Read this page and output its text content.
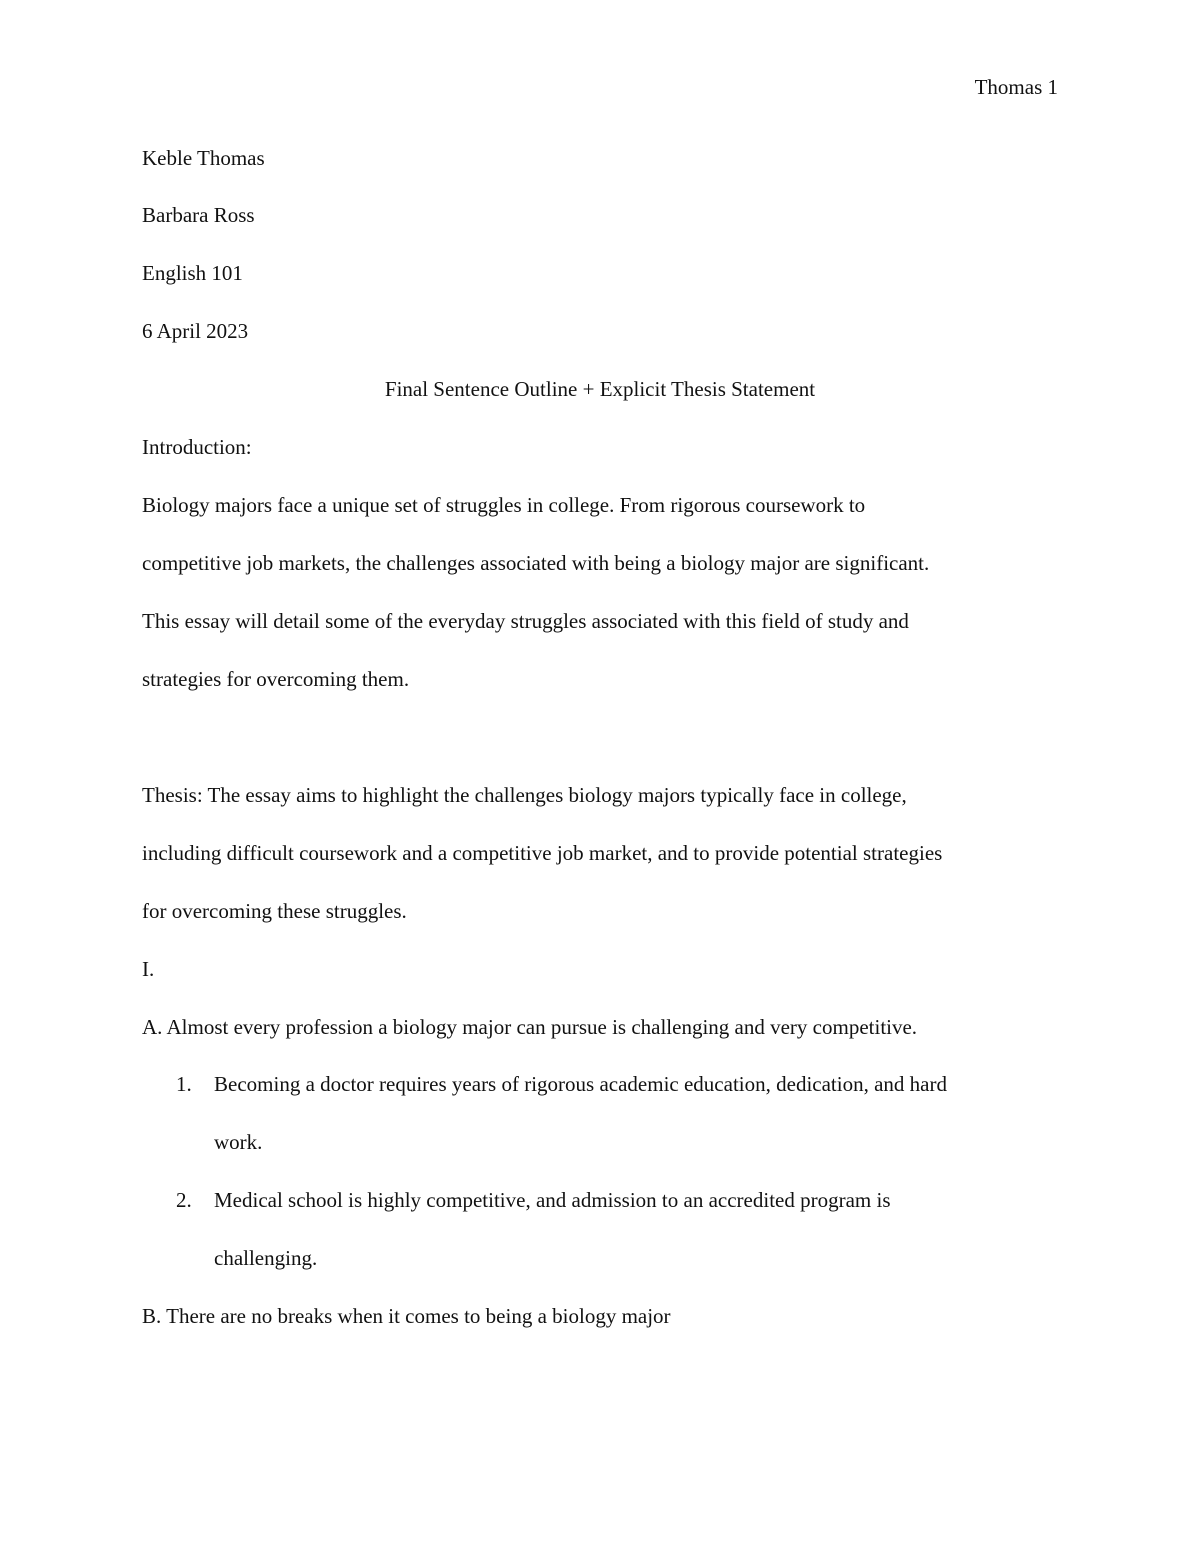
Thomas 1
Keble Thomas
Barbara Ross
English 101
6 April 2023
Final Sentence Outline + Explicit Thesis Statement
Introduction:
Biology majors face a unique set of struggles in college. From rigorous coursework to
competitive job markets, the challenges associated with being a biology major are significant.
This essay will detail some of the everyday struggles associated with this field of study and
strategies for overcoming them.
Thesis: The essay aims to highlight the challenges biology majors typically face in college,
including difficult coursework and a competitive job market, and to provide potential strategies
for overcoming these struggles.
I.
A. Almost every profession a biology major can pursue is challenging and very competitive.
1. Becoming a doctor requires years of rigorous academic education, dedication, and hard
work.
2. Medical school is highly competitive, and admission to an accredited program is
challenging.
B. There are no breaks when it comes to being a biology major
